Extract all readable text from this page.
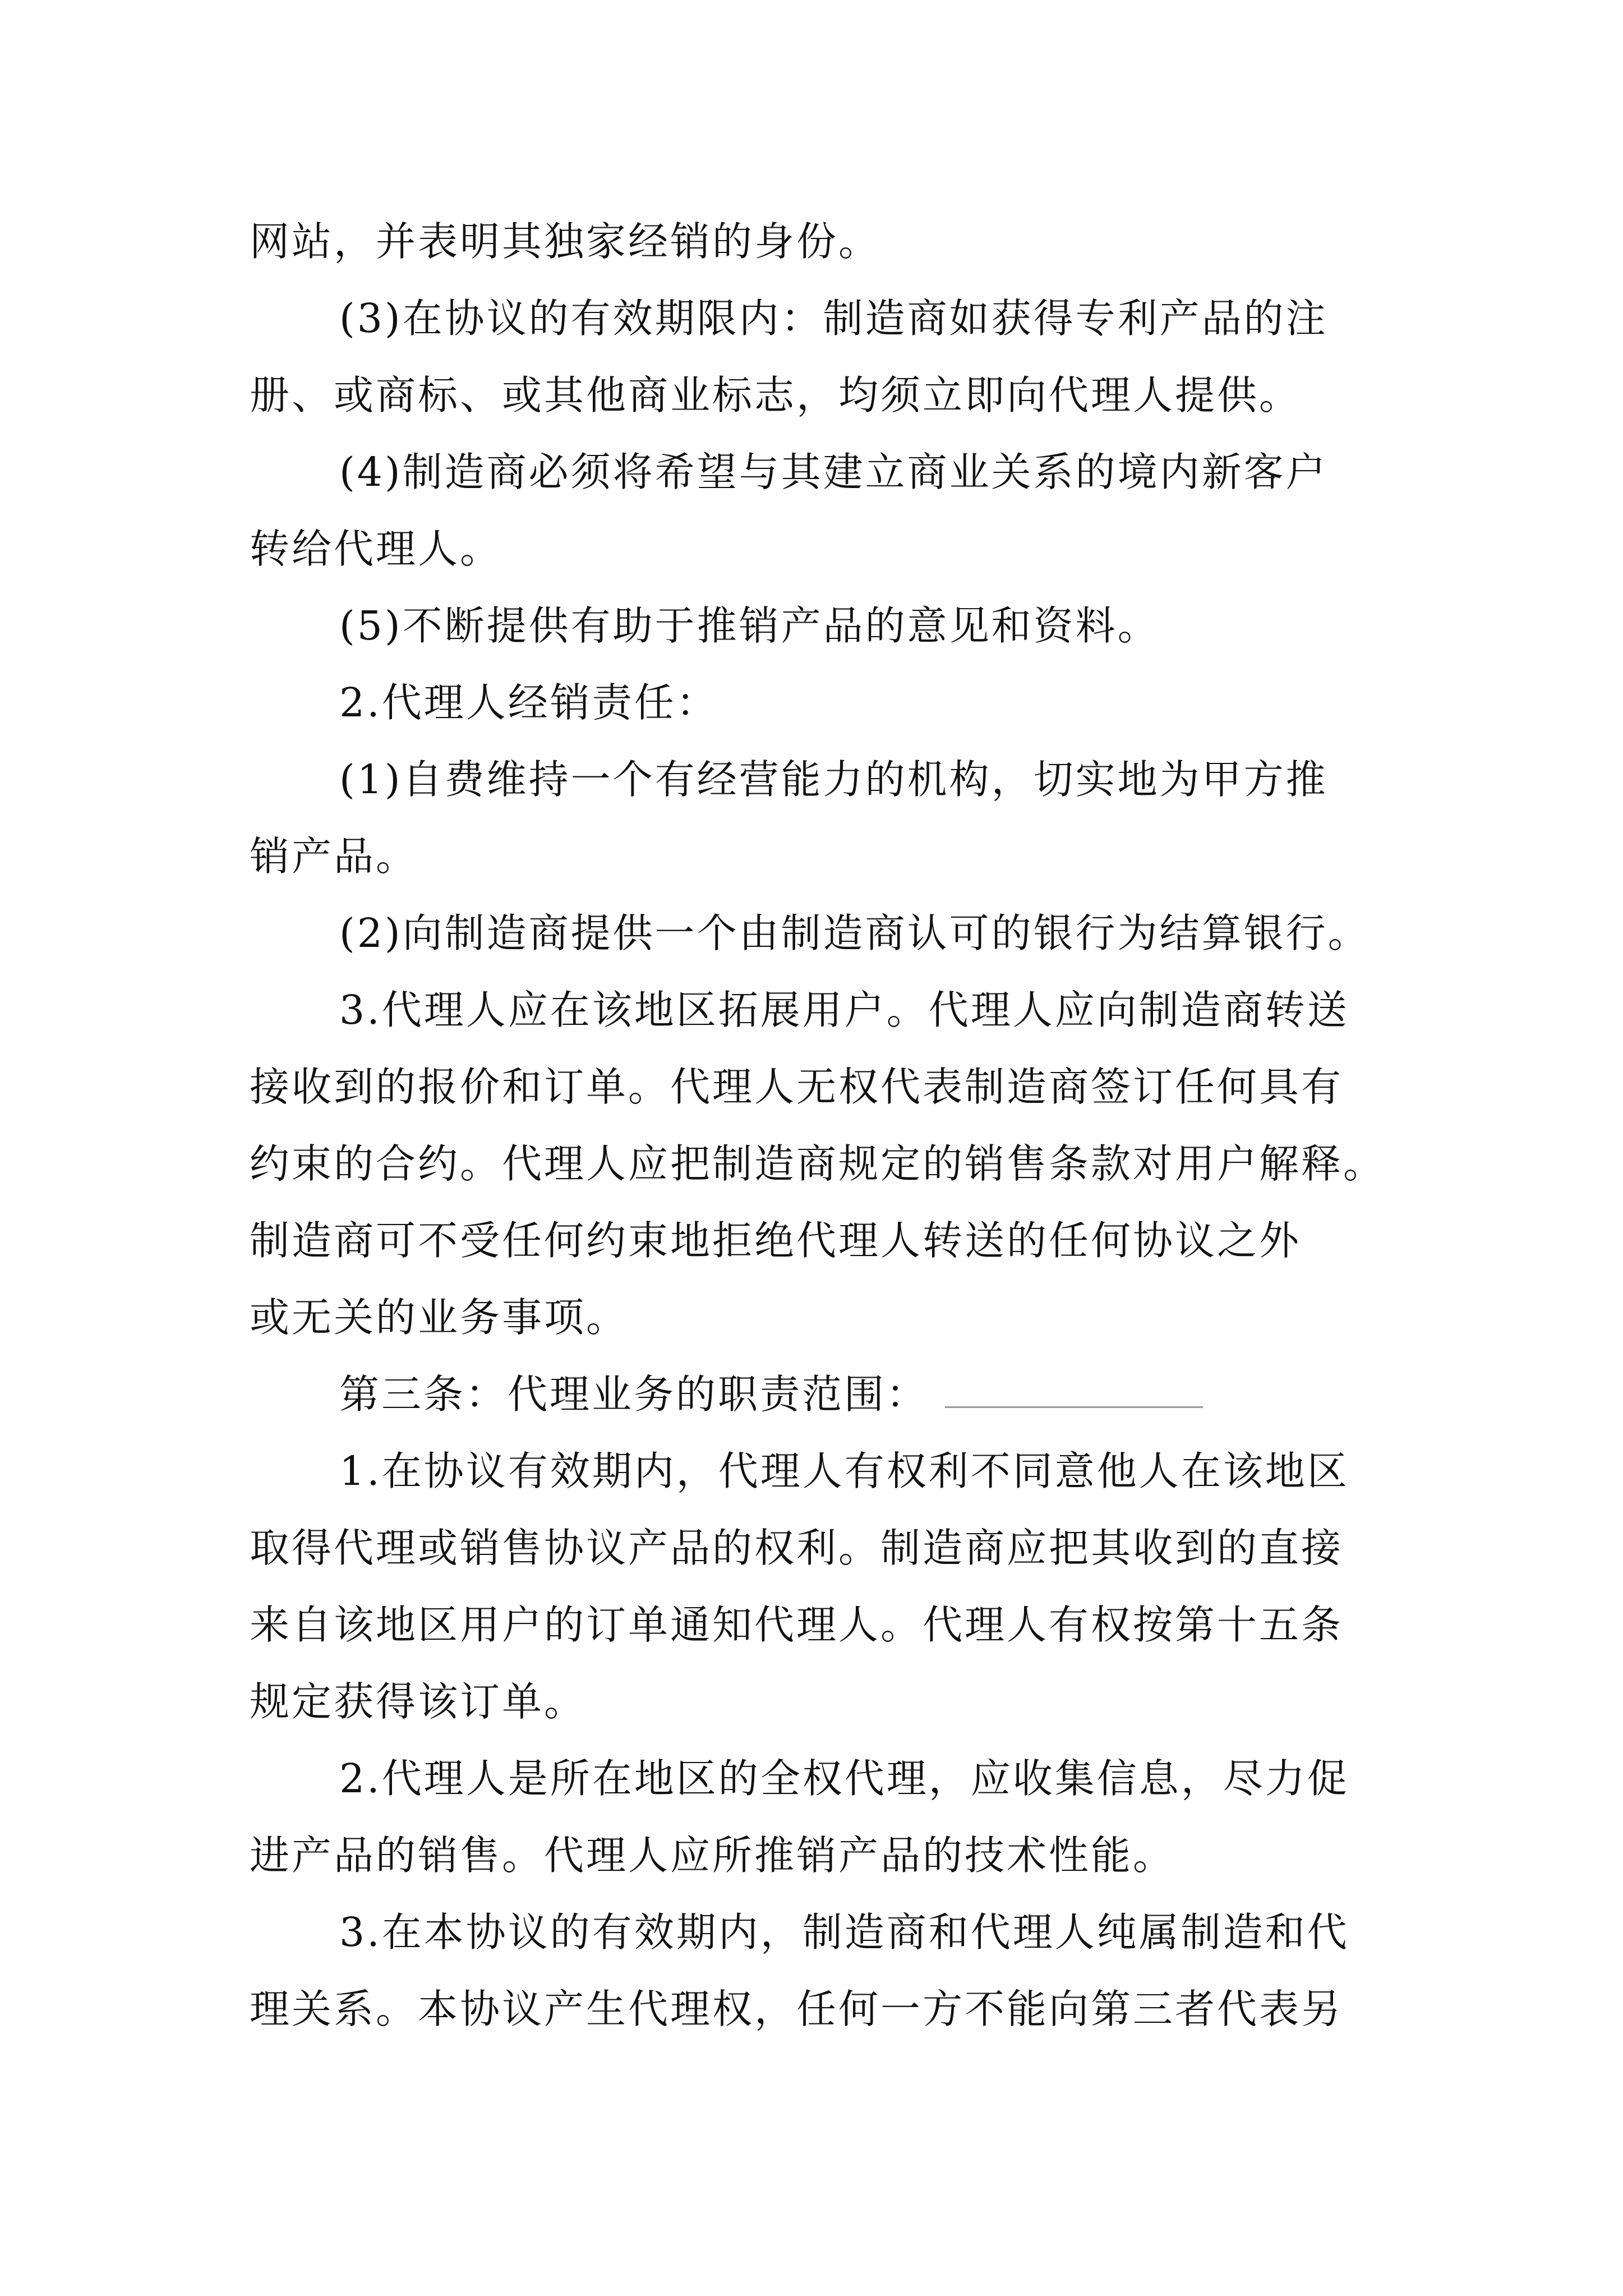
网站，并表明其独家经销的身份。
(3)在协议的有效期限内：制造商如获得专利产品的注
册、或商标、或其他商业标志，均须立即向代理人提供。
(4)制造商必须将希望与其建立商业关系的境内新客户
转给代理人。
(5)不断提供有助于推销产品的意见和资料。
2.代理人经销责任：
(1)自费维持一个有经营能力的机构，切实地为甲方推
销产品。
(2)向制造商提供一个由制造商认可的银行为结算银行。
3.代理人应在该地区拓展用户。代理人应向制造商转送
接收到的报价和订单。代理人无权代表制造商签订任何具有
约束的合约。代理人应把制造商规定的销售条款对用户解释。
制造商可不受任何约束地拒绝代理人转送的任何协议之外
或无关的业务事项。
第三条：代理业务的职责范围：
1.在协议有效期内，代理人有权利不同意他人在该地区
取得代理或销售协议产品的权利。制造商应把其收到的直接
来自该地区用户的订单通知代理人。代理人有权按第十五条
规定获得该订单。
2.代理人是所在地区的全权代理，应收集信息，尽力促
进产品的销售。代理人应所推销产品的技术性能。
3.在本协议的有效期内，制造商和代理人纯属制造和代
理关系。本协议产生代理权，任何一方不能向第三者代表另
